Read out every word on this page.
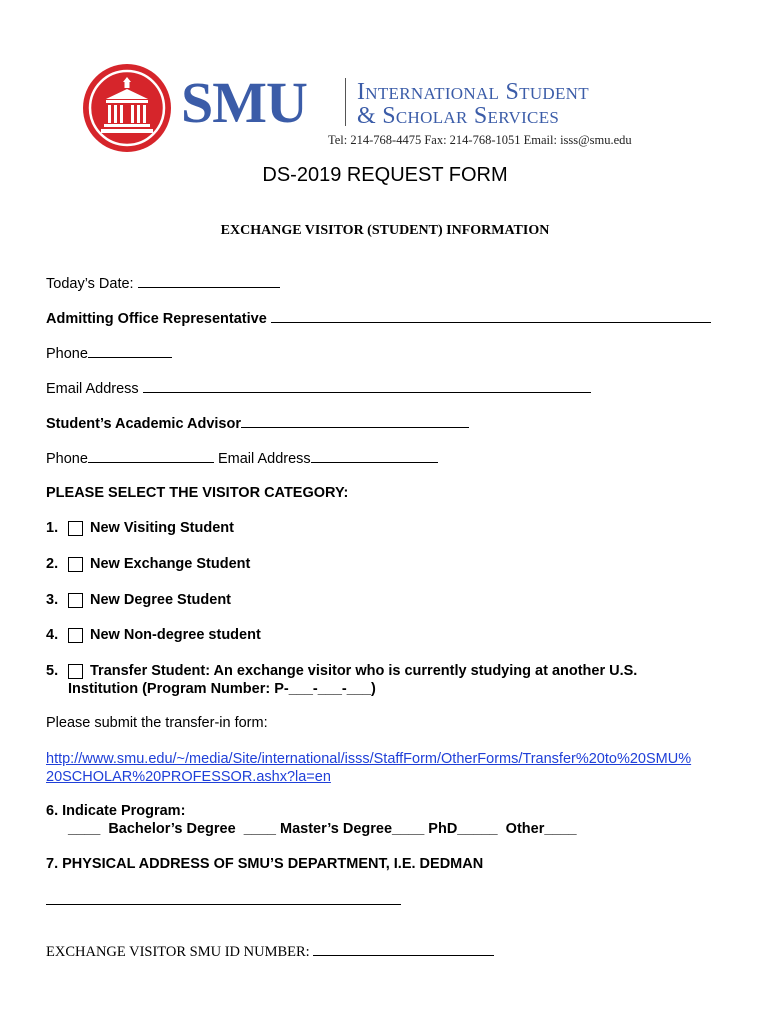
SMU International Student
& Scholar Services
Tel: 214-768-4475 Fax: 214-768-1051 Email: isss@smu.edu
DS-2019 REQUEST FORM
EXCHANGE VISITOR (STUDENT) INFORMATION
Today’s Date:
Admitting Office Representative
Phone
Email Address
Student’s Academic Advisor
Phone	Email Address
PLEASE SELECT THE VISITOR CATEGORY:
1. New Visiting Student
2. New Exchange Student
3. New Degree Student
4. New Non-degree student
5. Transfer Student: An exchange visitor who is currently studying at another U.S.
Institution (Program Number: P-___-___-___)
Please submit the transfer-in form:
http://www.smu.edu/~/media/Site/international/isss/StaffForm/OtherForms/Transfer%20to%20SMU%
20SCHOLAR%20PROFESSOR.ashx?la=en
6. Indicate Program:
____  Bachelor’s Degree  ____ Master’s Degree____ PhD_____  Other____
7. PHYSICAL ADDRESS OF SMU’S DEPARTMENT, I.E. DEDMAN
EXCHANGE VISITOR SMU ID NUMBER:
